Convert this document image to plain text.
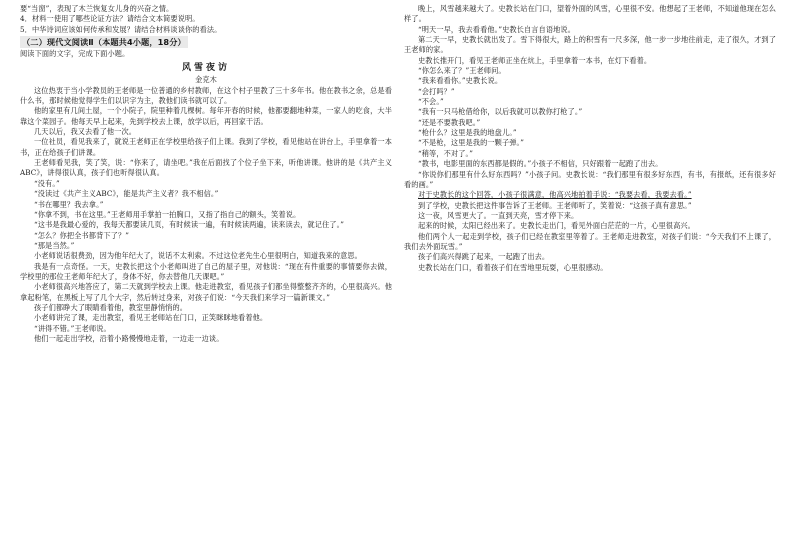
要“当窗”，表现了木兰恢复女儿身的兴奋之情。

4．材料一使用了哪些论证方法？请结合文本简要说明。

5．中华诗词应该如何传承和发展？请结合材料谈谈你的看法。

（二）现代文阅读Ⅱ（本题共4小题，18分）

阅读下面的文字，完成下面小题。

风雪夜访
金克木

这位热衷于当小学教员的王老师是一位普通的乡村教师，在这个村子里教了三十多年书。他在教书之余，总是看什么书，那时候他觉得学生们以识字为主，教他们读书就可以了。

他的家里有几间土屋，一个小院子，院里种着几棵树。每年开春的时候，他都要翻地种菜，一家人的吃食，大半靠这个菜园子。他每天早上起来，先到学校去上课，放学以后，再回家干活。

几天以后，我又去看了他一次。

一位社员，看见我来了，就说王老师正在学校里给孩子们上课。我到了学校，看见他站在讲台上，手里拿着一本书，正在给孩子们讲课。

王老师看见我，笑了笑，说：“你来了，请坐吧。”我在后面找了个位子坐下来，听他讲课。他讲的是《共产主义ABC》，讲得很认真，孩子们也听得很认真。

“没有。”

“没读过《共产主义ABC》，能是共产主义者？我不相信。”

“书在哪里？我去拿。”

“你拿不到，书在这里。”王老师用手掌拍一拍胸口，又指了指自己的额头，笑着说。

“这书是我最心爱的，我每天都要读几页，有时候读一遍，有时候读两遍，读来读去，就记住了。”

“怎么？你把全书都背下了？”

“那是当然。”

小老师说话很费劲，因为他年纪大了，说话不太利索。不过这位老先生心里很明白，知道我来的意思。

我是有一点奇怪。一天，史教长把这个小老师叫进了自己的屋子里，对他说：“现在有件重要的事情要你去做，学校里的那位王老师年纪大了，身体不好，你去替他几天课吧。”

小老师很高兴地答应了，第二天就到学校去上课。他走进教室，看见孩子们都坐得整整齐齐的，心里很高兴。他拿起粉笔，在黑板上写了几个大字，然后转过身来，对孩子们说：“今天我们来学习一篇新课文。”

孩子们都睁大了眼睛看着他，教室里静悄悄的。

小老师讲完了课，走出教室，看见王老师站在门口，正笑眯眯地看着他。

“讲得不错。”王老师说。

他们一起走出学校，沿着小路慢慢地走着，一边走一边谈。

晚上，风雪越来越大了。史教长站在门口，望着外面的风雪，心里很不安。他想起了王老师，不知道他现在怎么样了。

“明天一早，我去看看他。”史教长自言自语地说。

第二天一早，史教长就出发了。雪下得很大，路上的积雪有一尺多深，他一步一步地往前走，走了很久，才到了王老师的家。

史教长推开门，看见王老师正坐在炕上，手里拿着一本书，在灯下看着。

“你怎么来了？”王老师问。

“我来看看你。”史教长说。

“会打吗？”

“不会。”

“我有一只马枪借给你，以后我就可以教你打枪了。”

“还是不要教我吧。”

“枪什么？这里是我的地盘儿。”

“不是枪，这里是我的一颗子弹。”

“稍等，不对了。”

“教书，电影里面的东西都是假的。”小孩子不相信，只好跟着一起跑了出去。

“你说你们那里有什么好东西吗？”小孩子问。史教长说：“我们那里有很多好东西，有书，有报纸，还有很多好看的画。”

对于史教长的这个回答，小孩子很满意，他高兴地拍着手说：“我要去看，我要去看。”

到了学校，史教长把这件事告诉了王老师。王老师听了，笑着说：“这孩子真有意思。”

这一夜，风雪更大了。一直到天亮，雪才停下来。

起来的时候，太阳已经出来了。史教长走出门，看见外面白茫茫的一片，心里很高兴。

他们两个人一起走到学校，孩子们已经在教室里等着了。王老师走进教室，对孩子们说：“今天我们不上课了，我们去外面玩雪。”

孩子们高兴得跳了起来，一起跑了出去。

史教长站在门口，看着孩子们在雪地里玩耍，心里很感动。
